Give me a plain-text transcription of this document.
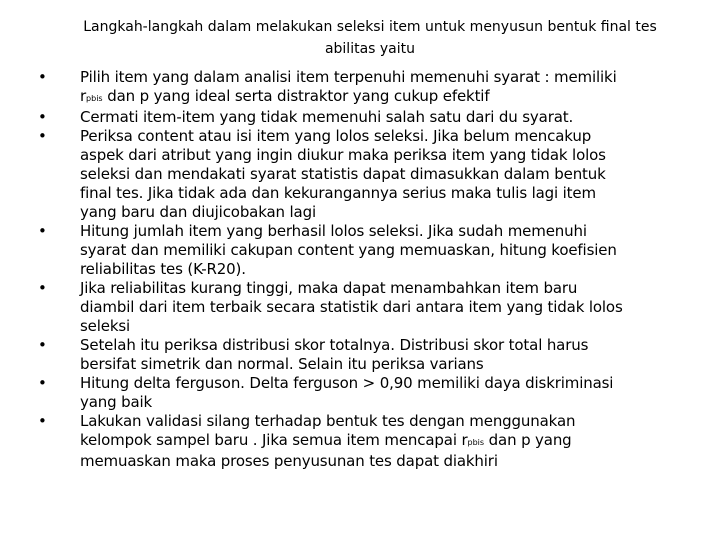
Langkah-langkah dalam melakukan seleksi item untuk menyusun bentuk final tes
abilitas yaitu
• Pilih item yang dalam analisi item terpenuhi memenuhi syarat : memiliki
rpbis dan p yang ideal serta distraktor yang cukup efektif
• Cermati item-item yang tidak memenuhi salah satu dari du syarat.
• Periksa content atau isi item yang lolos seleksi. Jika belum mencakup
aspek dari atribut yang ingin diukur maka periksa item yang tidak lolos
seleksi dan mendakati syarat statistis dapat dimasukkan dalam bentuk
final tes. Jika tidak ada dan kekurangannya serius maka tulis lagi item
yang baru dan diujicobakan lagi
• Hitung jumlah item yang berhasil lolos seleksi. Jika sudah memenuhi
syarat dan memiliki cakupan content yang memuaskan, hitung koefisien
reliabilitas tes (K-R20).
• Jika reliabilitas kurang tinggi, maka dapat menambahkan item baru
diambil dari item terbaik secara statistik dari antara item yang tidak lolos
seleksi
• Setelah itu periksa distribusi skor totalnya. Distribusi skor total harus
bersifat simetrik dan normal. Selain itu periksa varians
• Hitung delta ferguson. Delta ferguson > 0,90 memiliki daya diskriminasi
yang baik
• Lakukan validasi silang terhadap bentuk tes dengan menggunakan
kelompok sampel baru . Jika semua item mencapai rpbis dan p yang
memuaskan maka proses penyusunan tes dapat diakhiri
